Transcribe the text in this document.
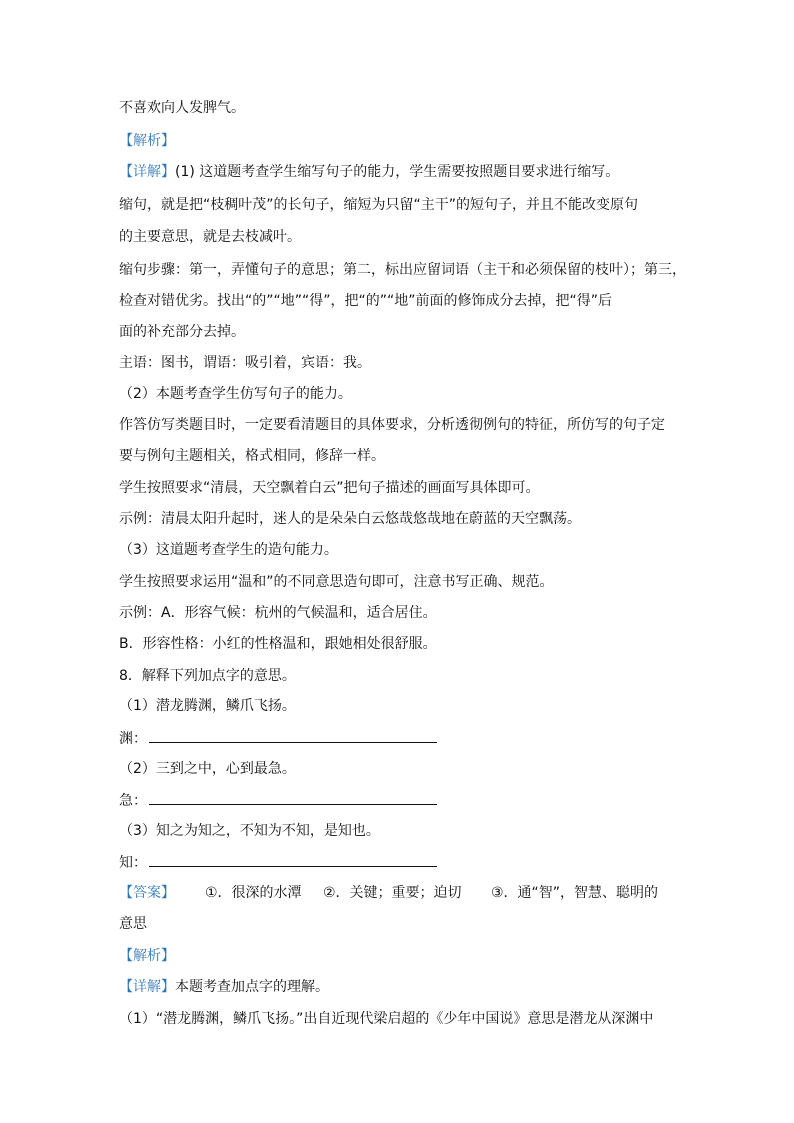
不喜欢向人发脾气。
【解析】
【详解】(1) 这道题考查学生缩写句子的能力，学生需要按照题目要求进行缩写。
缩句，就是把“枝稠叶茂”的长句子，缩短为只留“主干”的短句子，并且不能改变原句
的主要意思，就是去枝减叶。
缩句步骤：第一，弄懂句子的意思；第二，标出应留词语（主干和必须保留的枝叶）；第三，
检查对错优劣。找出“的”“地”“得”，把“的”“地”前面的修饰成分去掉，把“得”后
面的补充部分去掉。
主语：图书，谓语：吸引着，宾语：我。
（2）本题考查学生仿写句子的能力。
作答仿写类题目时，一定要看清题目的具体要求，分析透彻例句的特征，所仿写的句子定
要与例句主题相关，格式相同，修辞一样。
学生按照要求“清晨，天空飘着白云”把句子描述的画面写具体即可。
示例：清晨太阳升起时，迷人的是朵朵白云悠哉悠哉地在蔚蓝的天空飘荡。
（3）这道题考查学生的造句能力。
学生按照要求运用“温和”的不同意思造句即可，注意书写正确、规范。
示例：A．形容气候：杭州的气候温和，适合居住。
B．形容性格：小红的性格温和，跟她相处很舒服。
8．解释下列加点字的意思。
（1）潜龙腾渊，鳞爪飞扬。
渊：
（2）三到之中，心到最急。
急：
（3）知之为知之，不知为不知，是知也。
知：
【答案】 ①．很深的水潭 ②．关键；重要；迫切 ③．通“智”，智慧、聪明的
意思
【解析】
【详解】本题考查加点字的理解。
（1）“潜龙腾渊，鳞爪飞扬。”出自近现代梁启超的《少年中国说》意思是潜龙从深渊中
